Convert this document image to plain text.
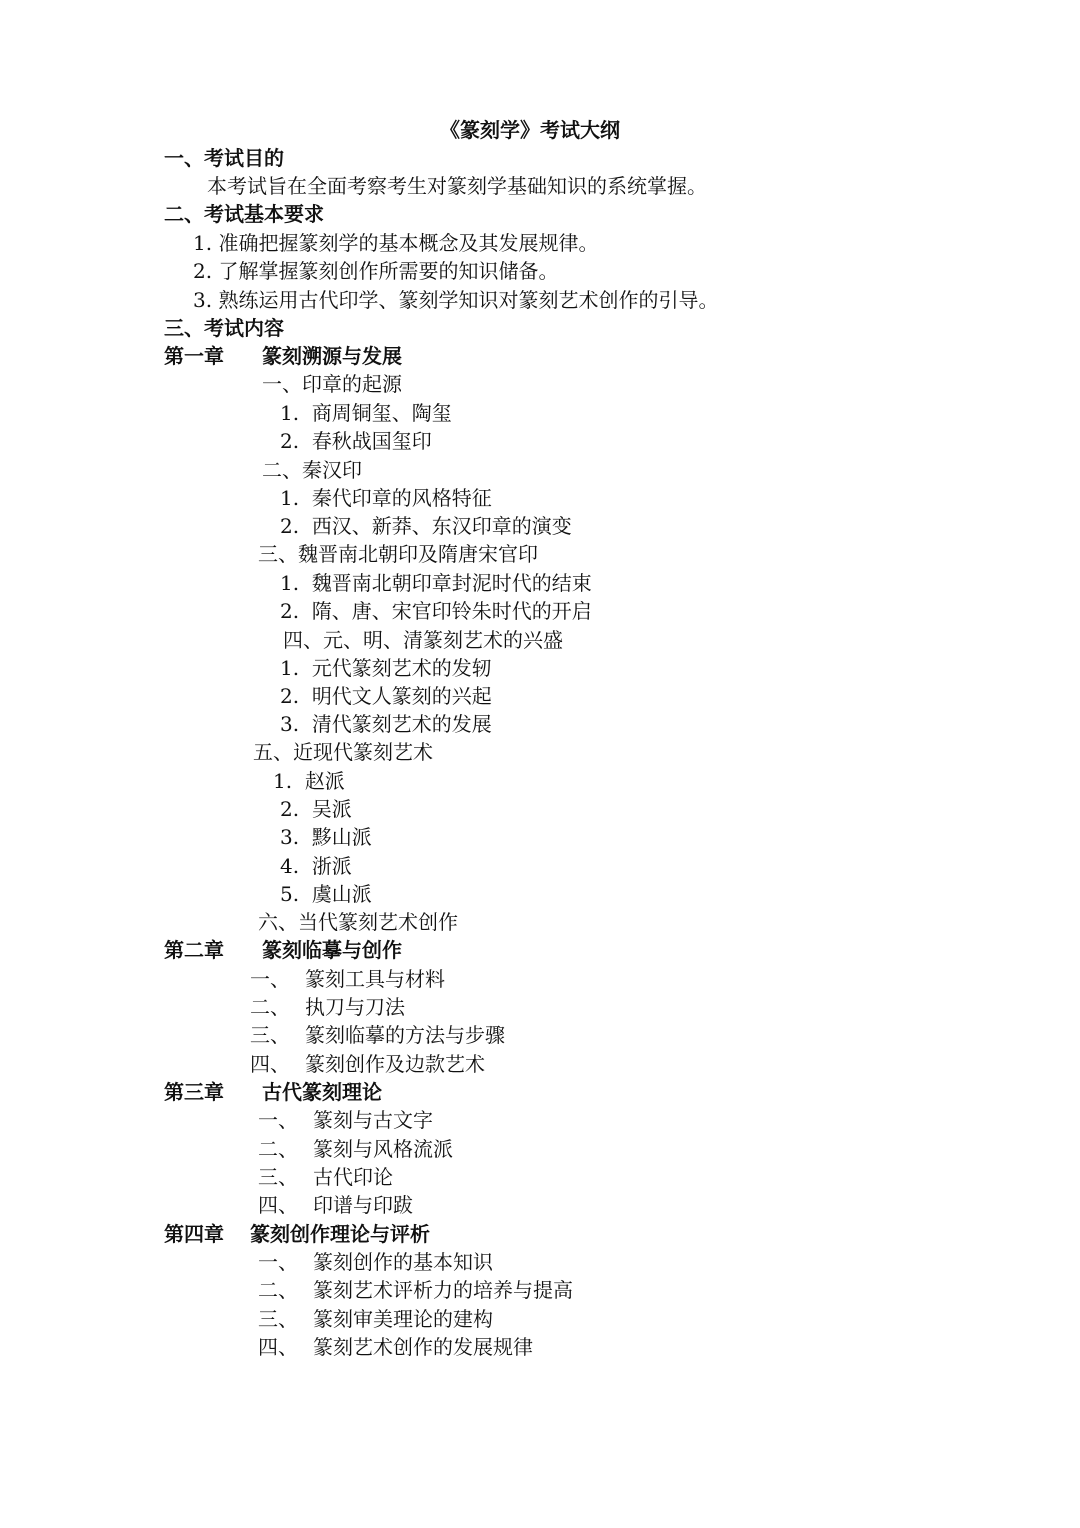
《篆刻学》考试大纲
一、考试目的
本考试旨在全面考察考生对篆刻学基础知识的系统掌握。
二、考试基本要求
1. 准确把握篆刻学的基本概念及其发展规律。
2. 了解掌握篆刻创作所需要的知识储备。
3. 熟练运用古代印学、篆刻学知识对篆刻艺术创作的引导。
三、考试内容
第一章 篆刻溯源与发展
一、印章的起源
1. 商周铜玺、陶玺
2. 春秋战国玺印
二、秦汉印
1. 秦代印章的风格特征
2. 西汉、新莽、东汉印章的演变
三、魏晋南北朝印及隋唐宋官印
1. 魏晋南北朝印章封泥时代的结束
2. 隋、唐、宋官印铃朱时代的开启
四、元、明、清篆刻艺术的兴盛
1. 元代篆刻艺术的发轫
2. 明代文人篆刻的兴起
3. 清代篆刻艺术的发展
五、近现代篆刻艺术
1. 赵派
2. 吴派
3. 黟山派
4. 浙派
5. 虞山派
六、当代篆刻艺术创作
第二章 篆刻临摹与创作
一、 篆刻工具与材料
二、 执刀与刀法
三、 篆刻临摹的方法与步骤
四、 篆刻创作及边款艺术
第三章 古代篆刻理论
一、 篆刻与古文字
二、 篆刻与风格流派
三、 古代印论
四、 印谱与印跋
第四章 篆刻创作理论与评析
一、 篆刻创作的基本知识
二、 篆刻艺术评析力的培养与提高
三、 篆刻审美理论的建构
四、 篆刻艺术创作的发展规律
